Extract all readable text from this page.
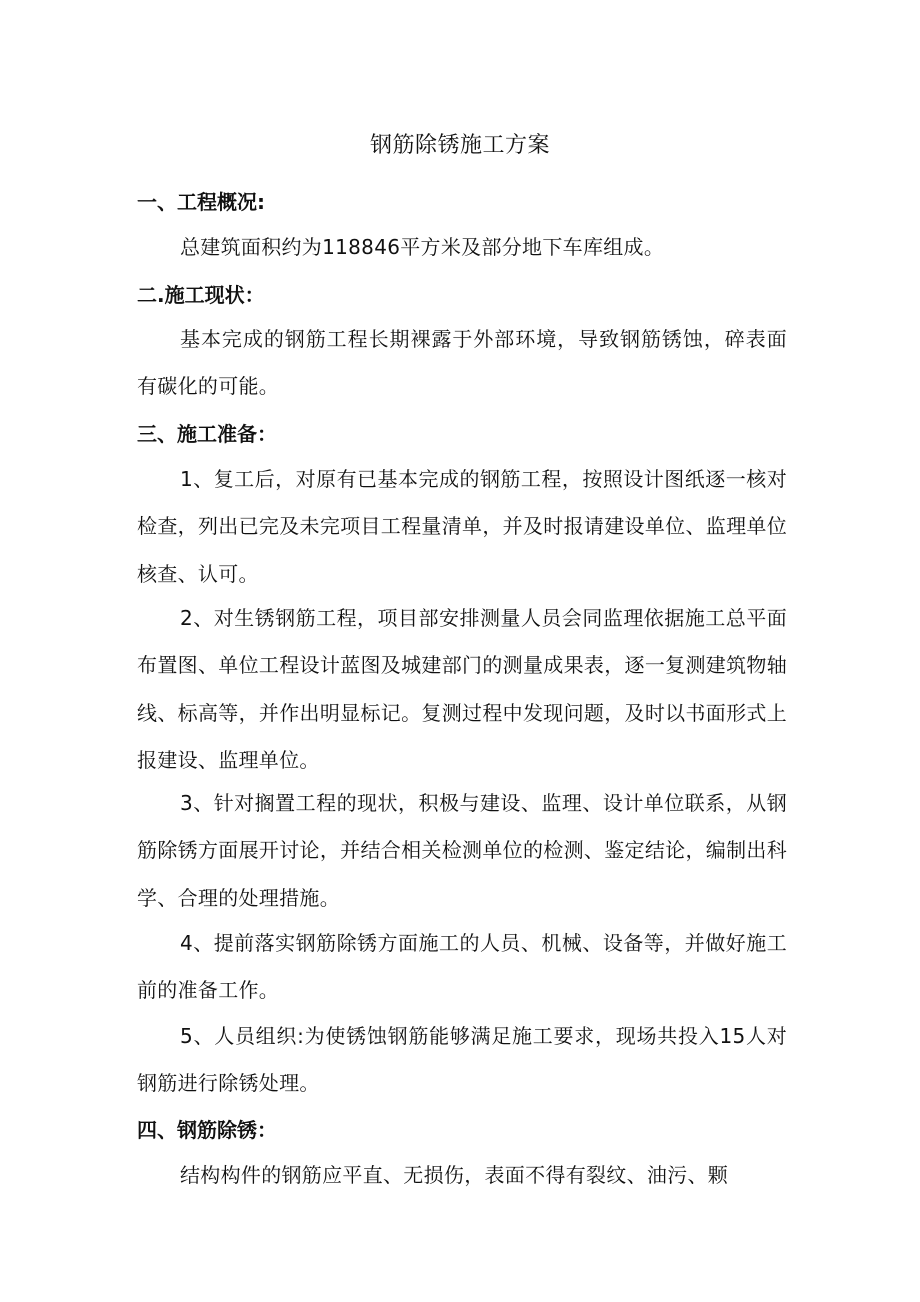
钢筋除锈施工方案
一、工程概况:
总建筑面积约为118846平方米及部分地下车库组成。
二.施工现状：
基本完成的钢筋工程长期裸露于外部环境，导致钢筋锈蚀，碎表面有碳化的可能。
三、施工准备：
1、复工后，对原有已基本完成的钢筋工程，按照设计图纸逐一核对检查，列出已完及未完项目工程量清单，并及时报请建设单位、监理单位核查、认可。
2、对生锈钢筋工程，项目部安排测量人员会同监理依据施工总平面布置图、单位工程设计蓝图及城建部门的测量成果表，逐一复测建筑物轴线、标高等，并作出明显标记。复测过程中发现问题，及时以书面形式上报建设、监理单位。
3、针对搁置工程的现状，积极与建设、监理、设计单位联系，从钢筋除锈方面展开讨论，并结合相关检测单位的检测、鉴定结论，编制出科学、合理的处理措施。
4、提前落实钢筋除锈方面施工的人员、机械、设备等，并做好施工前的准备工作。
5、人员组织:为使锈蚀钢筋能够满足施工要求，现场共投入15人对钢筋进行除锈处理。
四、钢筋除锈：
结构构件的钢筋应平直、无损伤，表面不得有裂纹、油污、颗
